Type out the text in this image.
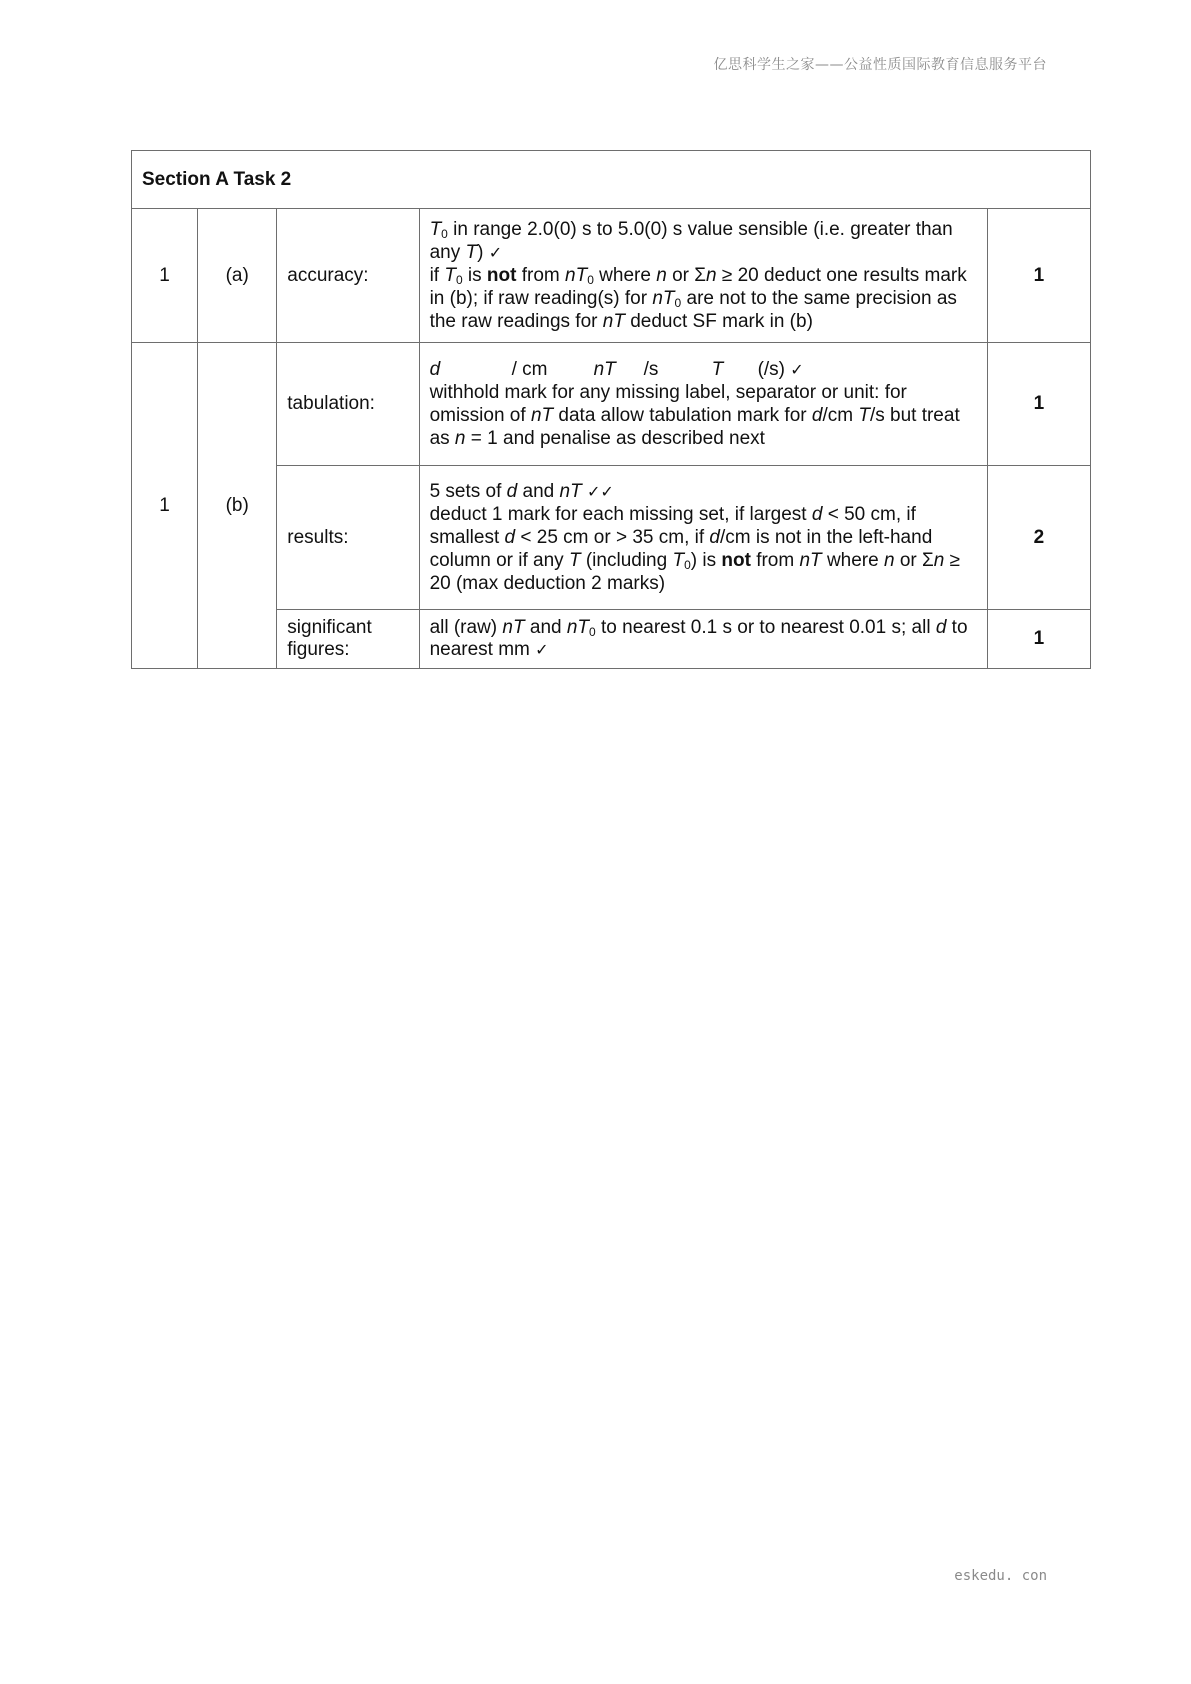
亿思科学生之家——公益性质国际教育信息服务平台
Section A Task 2				
1	(a)	accuracy:	$T_0$ in range 2.0(0) s to 5.0(0) s value sensible (i.e. greater than any T) ✓
if $T_0$ is not from $nT_0$ where n or Σn ≥ 20 deduct one results mark in (b); if raw reading(s) for $nT_0$ are not to the same precision as the raw readings for nT deduct SF mark in (b)	1
1	(b)	tabulation:	d / cm nT /s T (/s) ✓
withhold mark for any missing label, separator or unit: for omission of nT data allow tabulation mark for d/cm T/s but treat as n = 1 and penalise as described next	1
		results:	5 sets of d and nT ✓✓
deduct 1 mark for each missing set, if largest d < 50 cm, if smallest d < 25 cm or > 35 cm, if d/cm is not in the left-hand column or if any T (including $T_0$) is not from nT where n or Σn ≥ 20 (max deduction 2 marks)	2
		significant
figures:	all (raw) nT and $nT_0$ to nearest 0.1 s or to nearest 0.01 s; all d to nearest mm ✓	1
eskedu. con
